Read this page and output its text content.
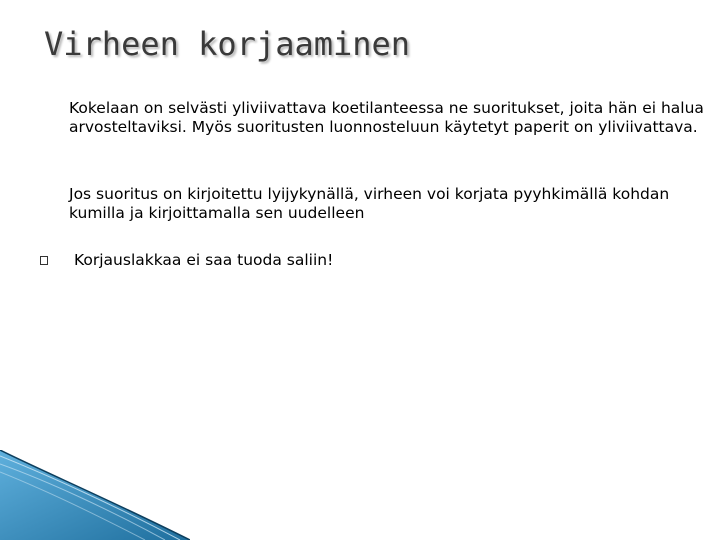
Virheen korjaaminen

Kokelaan on selvästi yliviivattava koetilanteessa ne suoritukset, joita hän ei halua arvosteltaviksi. Myös suoritusten luonnosteluun käytetyt paperit on yliviivattava.

Jos suoritus on kirjoitettu lyijykynällä, virheen voi korjata pyyhkimällä kohdan kumilla ja kirjoittamalla sen uudelleen

Korjauslakkaa ei saa tuoda saliin!
